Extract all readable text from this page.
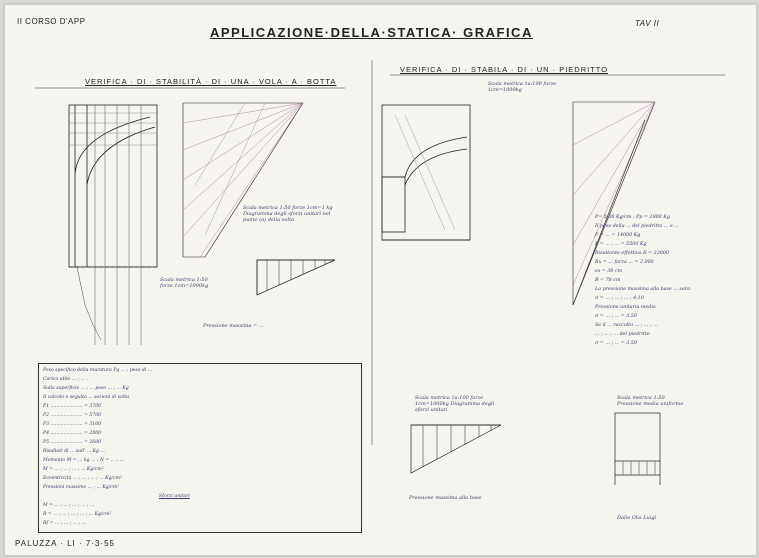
II CORSO D'APP
APPLICAZIONE·DELLA·STATICA· GRAFICA
TAV II
VERIFICA · DI · STABILITÀ · DI · UNA · VOLA · A · BOTTA
VERIFICA · DI · STABILA · DI · UN · PIEDRITTO
Scala metrica 1a:100 forze 1cm=1000kg
Scala metrica 1:50 forze 1cm=1 kg Diagramma degli sforzi unitari nel punto (a) della volta
Scala metrica 1:50 forze 1cm=1000kg
Pressione massima = ...
Scala metrica 1a:100 forze 1cm=1000kg Diagramma degli sforzi unitari
Pressione massima alla base
Scala metrica 1:50 Pressione media uniforme
Dalle Olis Luigi
Peso specifico della muratura Pg ... ; peso di ...
Carico utile ... ; ... .
Sulla superficie ... ; ... peso ... ; ... Kg
Il calcolo e seguito ... sezioni di volta
P1 ...................... = 3700
P2 ...................... = 5700
P3 ...................... = 3100
P4 ...................... = 2800
P5 ...................... = 2600
Risultati di ... sull' ... Kg ...
Momento M = ... kg ... ; N = ... ; ...
M = ... ; ... ; ... ; ... Kg/cm²
Eccentricità ... ; ... ; ... ; ... Kg/cm²
Pressioni massime ... ; ... Kg/cm²
Sforzi unitari
M = ... ; ... ; ... ; ... ; ...
R = ... ; ... ; ... ; ... ; ... Kg/cm²
Rf = ... ; ... ; ... ; ...
P= 5,00 Kg/cm ; Pp = 1800 Kg
Il peso della ... del piedritto ... e ...
P = ... = 14000 Kg
P = ... ; ... = 5500 Kg
Risultante effettiva R = 23000
Rx = ... forza ... = 2,000
es = 30 cm
B = 78 cm
La pressione massima alla base ... sara
σ = ... ; ... ; ... ; 4,10
Pressione unitaria media
σ = ... ; ... = 3,50
Se il ... raccolto ... ; ... ; ...
... ; ... ; ... del piedritto
σ = ... ; ... = 3,50
PALUZZA · LI · 7·3·55
